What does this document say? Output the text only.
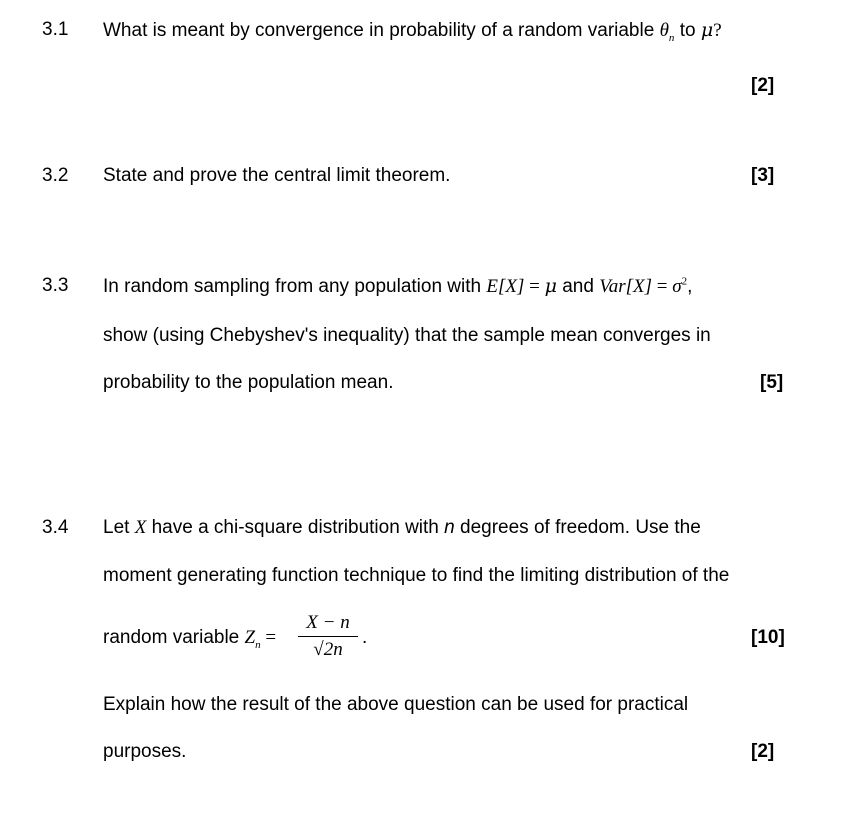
3.1 What is meant by convergence in probability of a random variable $\theta_n$ to μ?
[2]
3.2 State and prove the central limit theorem.	[3]
3.3 In random sampling from any population with E[X] = μ and $Var[X] = \sigma^2$,
show (using Chebyshev's inequality) that the sample mean converges in
probability to the population mean.	[5]
3.4 Let X have a chi-square distribution with n degrees of freedom. Use the
moment generating function technique to find the limiting distribution of the
random variable $Z_n$ =
X − n
√2n
.	[10]
Explain how the result of the above question can be used for practical
purposes.	[2]
